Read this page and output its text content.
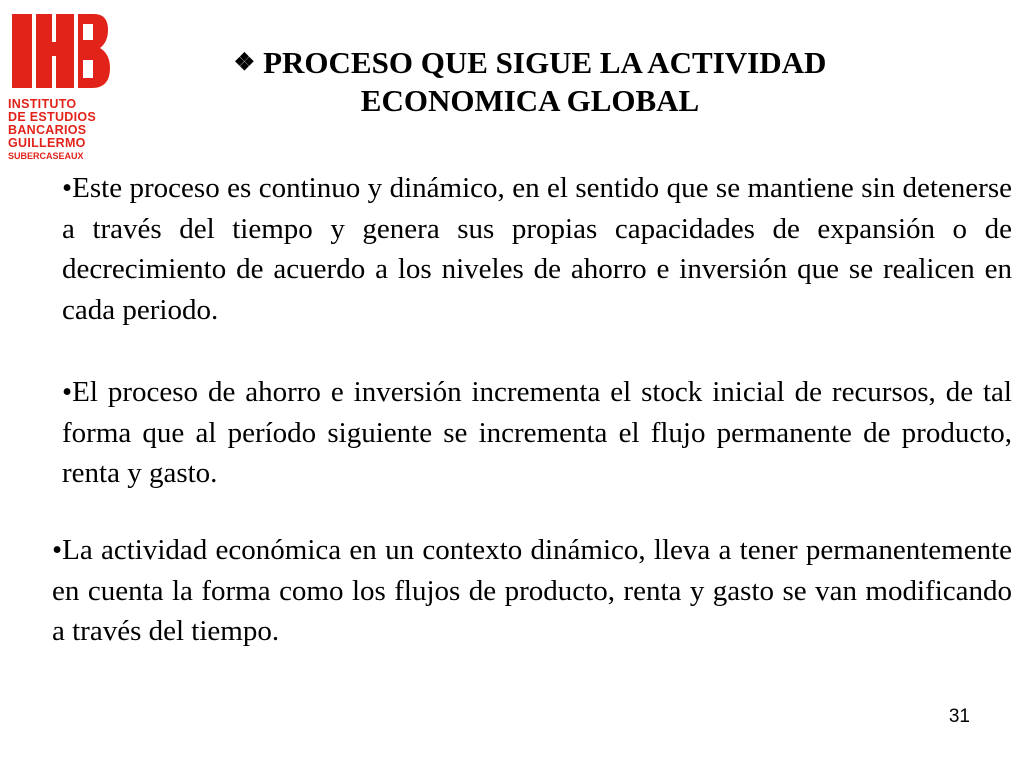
INSTITUTO
DE ESTUDIOS
BANCARIOS
GUILLERMO
SUBERCASEAUX
❖ PROCESO QUE SIGUE LA ACTIVIDAD
ECONOMICA GLOBAL
•Este proceso es continuo y dinámico, en el sentido que se mantiene sin detenerse a través del tiempo y genera sus propias capacidades de expansión o de decrecimiento de acuerdo a los niveles de ahorro e inversión que se realicen en cada periodo.
•El proceso de ahorro e inversión incrementa el stock inicial de recursos, de tal forma que al período siguiente se incrementa el flujo permanente de producto, renta y gasto.
•La actividad económica en un contexto dinámico, lleva a tener permanentemente en cuenta la forma como los flujos de producto, renta y gasto se van modificando a través del tiempo.
31
